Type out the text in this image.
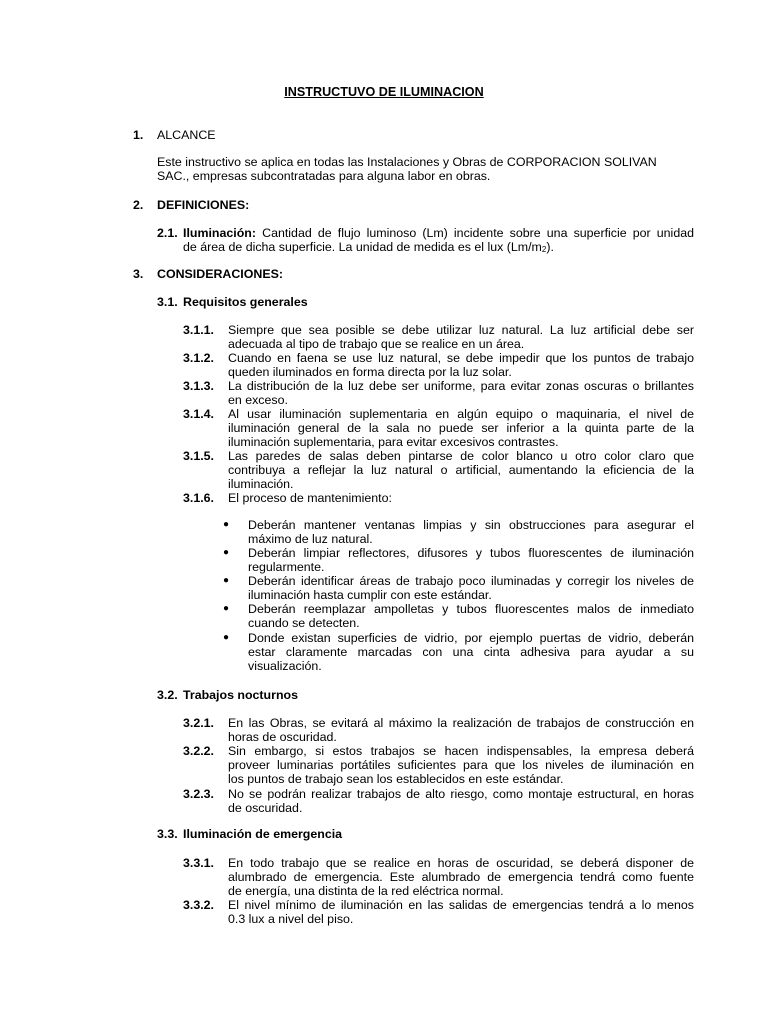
INSTRUCTUVO DE ILUMINACION
1. ALCANCE
Este instructivo se aplica en todas las Instalaciones y Obras de CORPORACION SOLIVAN
SAC., empresas subcontratadas para alguna labor en obras.
2. DEFINICIONES:
2.1. Iluminación: Cantidad de flujo luminoso (Lm) incidente sobre una superficie por unidad
de área de dicha superficie. La unidad de medida es el lux (Lm/m2).
3. CONSIDERACIONES:
3.1. Requisitos generales
3.1.1. Siempre que sea posible se debe utilizar luz natural. La luz artificial debe ser
adecuada al tipo de trabajo que se realice en un área.
3.1.2. Cuando en faena se use luz natural, se debe impedir que los puntos de trabajo
queden iluminados en forma directa por la luz solar.
3.1.3. La distribución de la luz debe ser uniforme, para evitar zonas oscuras o brillantes
en exceso.
3.1.4. Al usar iluminación suplementaria en algún equipo o maquinaria, el nivel de
iluminación general de la sala no puede ser inferior a la quinta parte de la
iluminación suplementaria, para evitar excesivos contrastes.
3.1.5. Las paredes de salas deben pintarse de color blanco u otro color claro que
contribuya a reflejar la luz natural o artificial, aumentando la eficiencia de la
iluminación.
3.1.6. El proceso de mantenimiento:
● Deberán mantener ventanas limpias y sin obstrucciones para asegurar el
máximo de luz natural.
● Deberán limpiar reflectores, difusores y tubos fluorescentes de iluminación
regularmente.
● Deberán identificar áreas de trabajo poco iluminadas y corregir los niveles de
iluminación hasta cumplir con este estándar.
● Deberán reemplazar ampolletas y tubos fluorescentes malos de inmediato
cuando se detecten.
● Donde existan superficies de vidrio, por ejemplo puertas de vidrio, deberán
estar claramente marcadas con una cinta adhesiva para ayudar a su
visualización.
3.2. Trabajos nocturnos
3.2.1. En las Obras, se evitará al máximo la realización de trabajos de construcción en
horas de oscuridad.
3.2.2. Sin embargo, si estos trabajos se hacen indispensables, la empresa deberá
proveer luminarias portátiles suficientes para que los niveles de iluminación en
los puntos de trabajo sean los establecidos en este estándar.
3.2.3. No se podrán realizar trabajos de alto riesgo, como montaje estructural, en horas
de oscuridad.
3.3. Iluminación de emergencia
3.3.1. En todo trabajo que se realice en horas de oscuridad, se deberá disponer de
alumbrado de emergencia. Este alumbrado de emergencia tendrá como fuente
de energía, una distinta de la red eléctrica normal.
3.3.2. El nivel mínimo de iluminación en las salidas de emergencias tendrá a lo menos
0.3 lux a nivel del piso.
